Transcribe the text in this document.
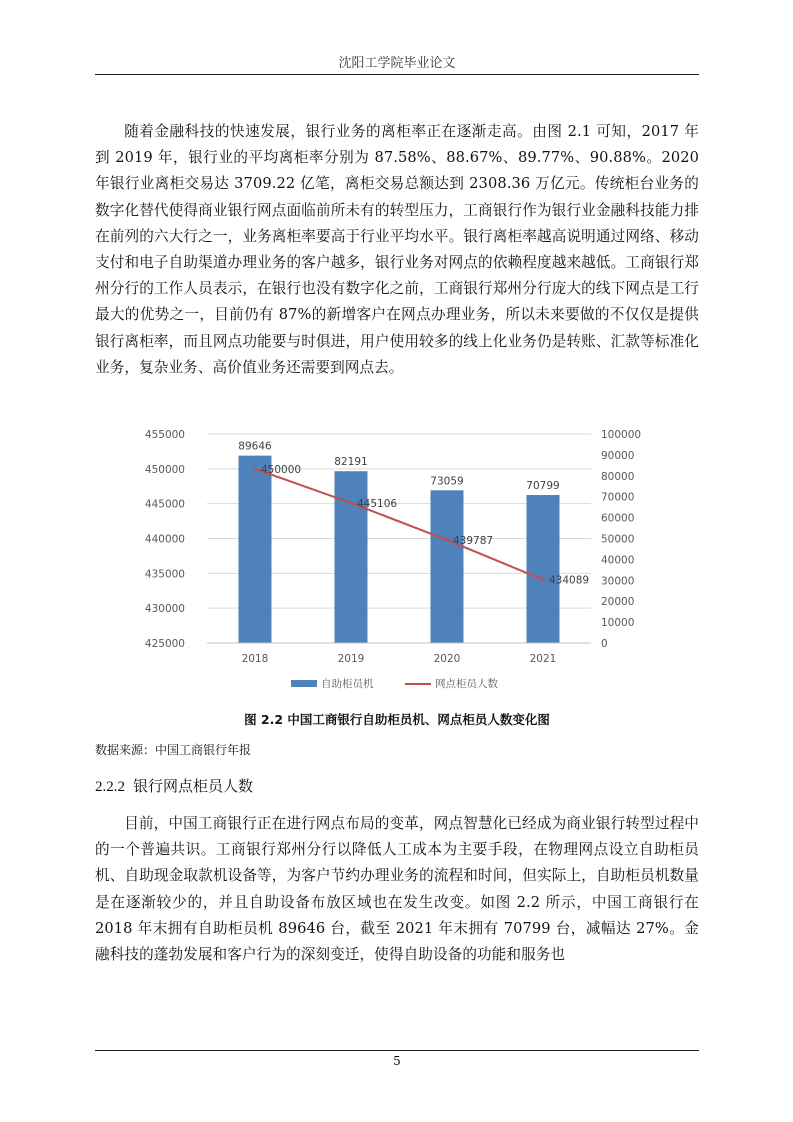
沈阳工学院毕业论文

随着金融科技的快速发展，银行业务的离柜率正在逐渐走高。由图 2.1 可知，2017 年到 2019 年，银行业的平均离柜率分别为 87.58%、88.67%、89.77%、90.88%。2020 年银行业离柜交易达 3709.22 亿笔，离柜交易总额达到 2308.36 万亿元。传统柜台业务的数字化替代使得商业银行网点面临前所未有的转型压力，工商银行作为银行业金融科技能力排在前列的六大行之一，业务离柜率要高于行业平均水平。银行离柜率越高说明通过网络、移动支付和电子自助渠道办理业务的客户越多，银行业务对网点的依赖程度越来越低。工商银行郑州分行的工作人员表示，在银行也没有数字化之前，工商银行郑州分行庞大的线下网点是工行最大的优势之一，目前仍有 87%的新增客户在网点办理业务，所以未来要做的不仅仅是提供银行离柜率，而且网点功能要与时俱进，用户使用较多的线上化业务仍是转账、汇款等标准化业务，复杂业务、高价值业务还需要到网点去。

425000
430000
435000
440000
445000
450000
455000
0
10000
20000
30000
40000
50000
60000
70000
80000
90000
100000
89646
82191
73059	70799
2018	2019	2020	2021
450000
445106
439787
434089
自助柜员机	网点柜员人数
图 2.2 中国工商银行自助柜员机、网点柜员人数变化图
数据来源：中国工商银行年报
2.2.2 银行网点柜员人数

目前，中国工商银行正在进行网点布局的变革，网点智慧化已经成为商业银行转型过程中的一个普遍共识。工商银行郑州分行以降低人工成本为主要手段，在物理网点设立自助柜员机、自助现金取款机设备等，为客户节约办理业务的流程和时间，但实际上，自助柜员机数量是在逐渐较少的，并且自助设备布放区域也在发生改变。如图 2.2 所示，中国工商银行在 2018 年末拥有自助柜员机 89646 台，截至 2021 年末拥有 70799 台，减幅达 27%。金融科技的蓬勃发展和客户行为的深刻变迁，使得自助设备的功能和服务也

5
